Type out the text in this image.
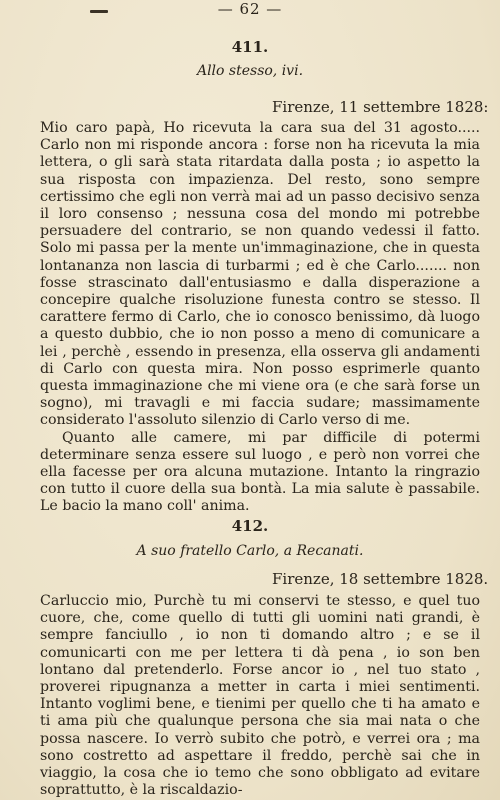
— 62 —
411.
Allo stesso, ivi.
Firenze, 11 settembre 1828:

Mio caro papà, Ho ricevuta la cara sua del 31 agosto..... Carlo non mi risponde ancora : forse non ha ricevuta la mia lettera, o gli sarà stata ritardata dalla posta ; io aspetto la sua risposta con impazienza. Del resto, sono sempre certissimo che egli non verrà mai ad un passo decisivo senza il loro consenso ; nessuna cosa del mondo mi potrebbe persuadere del contrario, se non quando vedessi il fatto. Solo mi passa per la mente un'immaginazione, che in questa lontananza non lascia di turbarmi ; ed è che Carlo....... non fosse strascinato dall'entusiasmo e dalla disperazione a concepire qualche risoluzione funesta contro se stesso. Il carattere fermo di Carlo, che io conosco benissimo, dà luogo a questo dubbio, che io non posso a meno di comunicare a lei , perchè , essendo in presenza, ella osserva gli andamenti di Carlo con questa mira. Non posso esprimerle quanto questa immaginazione che mi viene ora (e che sarà forse un sogno), mi travagli e mi faccia sudare; massimamente considerato l'assoluto silenzio di Carlo verso di me.

Quanto alle camere, mi par difficile di potermi determinare senza essere sul luogo , e però non vorrei che ella facesse per ora alcuna mutazione. Intanto la ringrazio con tutto il cuore della sua bontà. La mia salute è passabile. Le bacio la mano coll' anima.

412.
A suo fratello Carlo, a Recanati.
Firenze, 18 settembre 1828.

Carluccio mio, Purchè tu mi conservi te stesso, e quel tuo cuore, che, come quello di tutti gli uomini nati grandi, è sempre fanciullo , io non ti domando altro ; e se il comunicarti con me per lettera ti dà pena , io son ben lontano dal pretenderlo. Forse ancor io , nel tuo stato , proverei ripugnanza a metter in carta i miei sentimenti. Intanto voglimi bene, e tienimi per quello che ti ha amato e ti ama più che qualunque persona che sia mai nata o che possa nascere. Io verrò subito che potrò, e verrei ora ; ma sono costretto ad aspettare il freddo, perchè sai che in viaggio, la cosa che io temo che sono obbligato ad evitare soprattutto, è la riscaldazio-
